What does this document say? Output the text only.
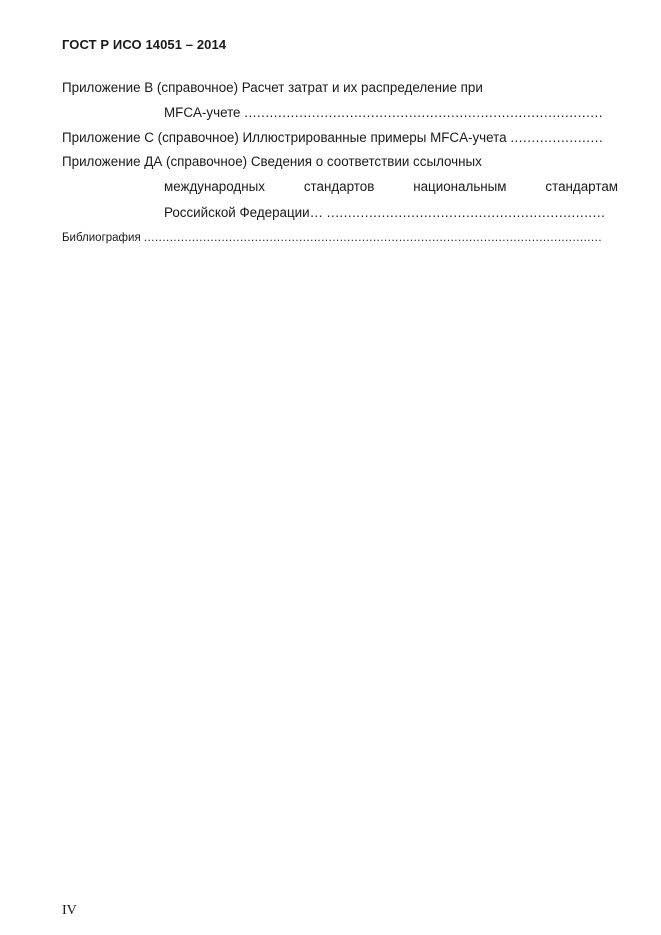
ГОСТ Р ИСО 14051 – 2014
Приложение В (справочное) Расчет затрат и их распределение при
MFCA-учете .....
Приложение С (справочное) Иллюстрированные примеры MFCA-учета .....
Приложение ДА (справочное) Сведения о соответствии ссылочных
международных	стандартов	национальным	стандартам
Российской Федерации… .....
Библиография .....
IV
